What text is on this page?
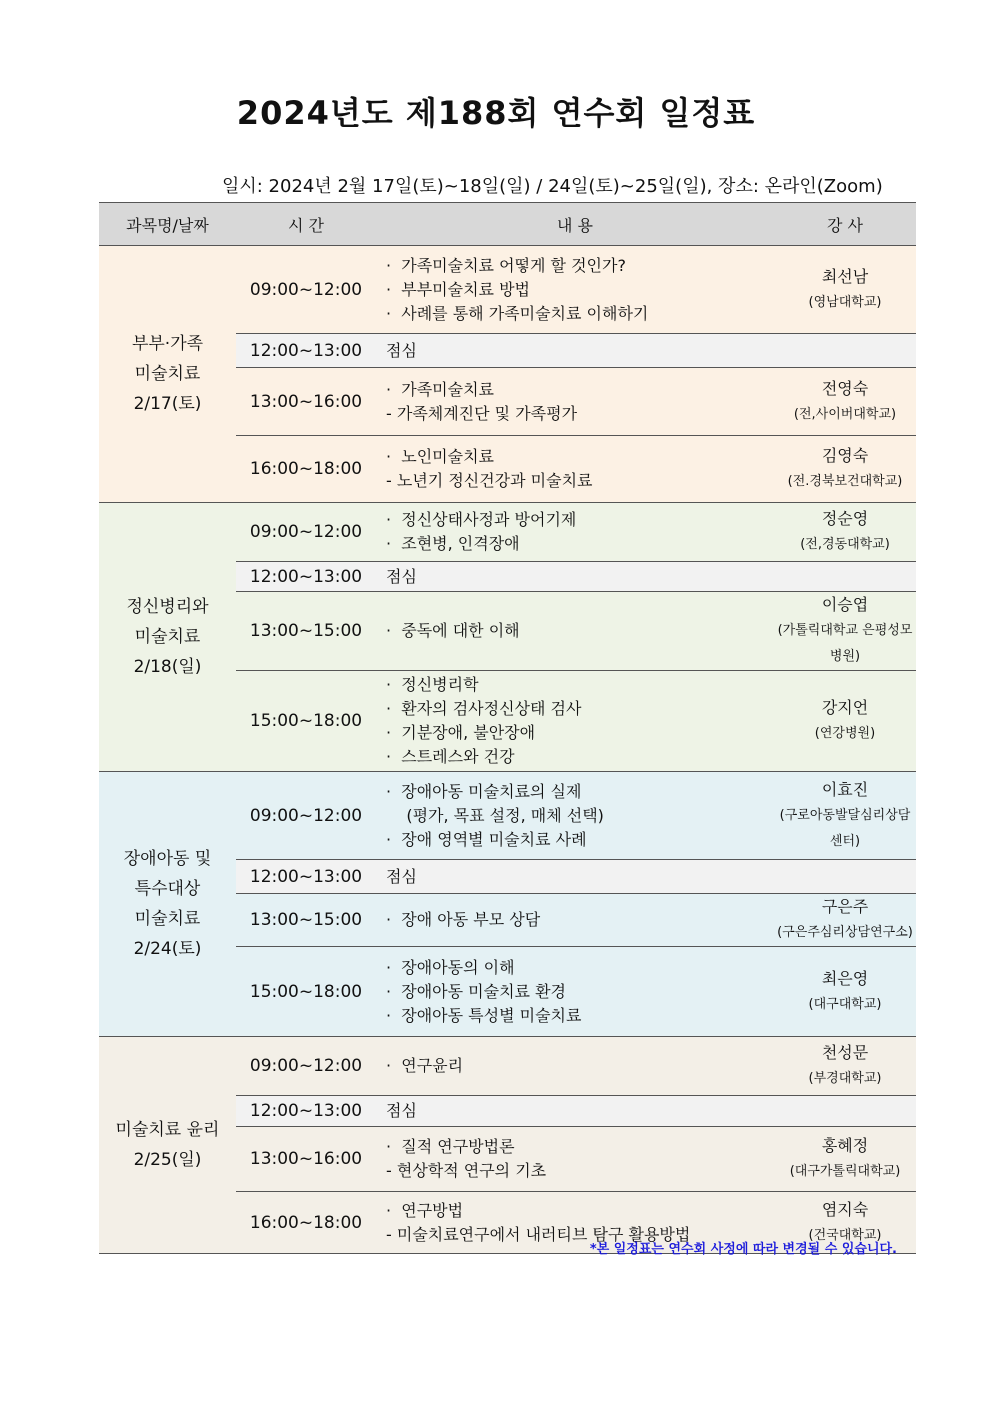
2024년도 제188회 연수회 일정표
일시: 2024년 2월 17일(토)~18일(일) / 24일(토)~25일(일), 장소: 온라인(Zoom)
과목명/날짜	시 간	내 용	강 사

부부·가족
미술치료
2/17(토)	09:00~12:00	·  가족미술치료 어떻게 할 것인가?
·  부부미술치료 방법
·  사례를 통해 가족미술치료 이해하기	최선남
(영남대학교)

	12:00~13:00	점심	
	13:00~16:00	·  가족미술치료
- 가족체계진단 및 가족평가	전영숙
(전,사이버대학교)

	16:00~18:00	·  노인미술치료
- 노년기 정신건강과 미술치료	김영숙
(전.경북보건대학교)

정신병리와
미술치료
2/18(일)	09:00~12:00	·  정신상태사정과 방어기제
·  조현병, 인격장애	정순영
(전,경동대학교)

	12:00~13:00	점심	
	13:00~15:00	·  중독에 대한 이해	이승엽
(가톨릭대학교 은평성모병원)

	15:00~18:00	·  정신병리학
·  환자의 검사정신상태 검사
·  기분장애, 불안장애
·  스트레스와 건강	강지언
(연강병원)

장애아동 및
특수대상
미술치료
2/24(토)	09:00~12:00	·  장애아동 미술치료의 실제
(평가, 목표 설정, 매체 선택)
·  장애 영역별 미술치료 사례	이효진
(구로아동발달심리상담센터)

	12:00~13:00	점심	
	13:00~15:00	·  장애 아동 부모 상담	구은주
(구은주심리상담연구소)

	15:00~18:00	·  장애아동의 이해
·  장애아동 미술치료 환경
·  장애아동 특성별 미술치료	최은영
(대구대학교)

미술치료 윤리
2/25(일)	09:00~12:00	·  연구윤리	천성문
(부경대학교)

	12:00~13:00	점심	
	13:00~16:00	·  질적 연구방법론
- 현상학적 연구의 기초	홍혜정
(대구가톨릭대학교)

	16:00~18:00	·  연구방법
- 미술치료연구에서 내러티브 탐구 활용방법	염지숙
(건국대학교)
*본 일정표는 연수회 사정에 따라 변경될 수 있습니다.
